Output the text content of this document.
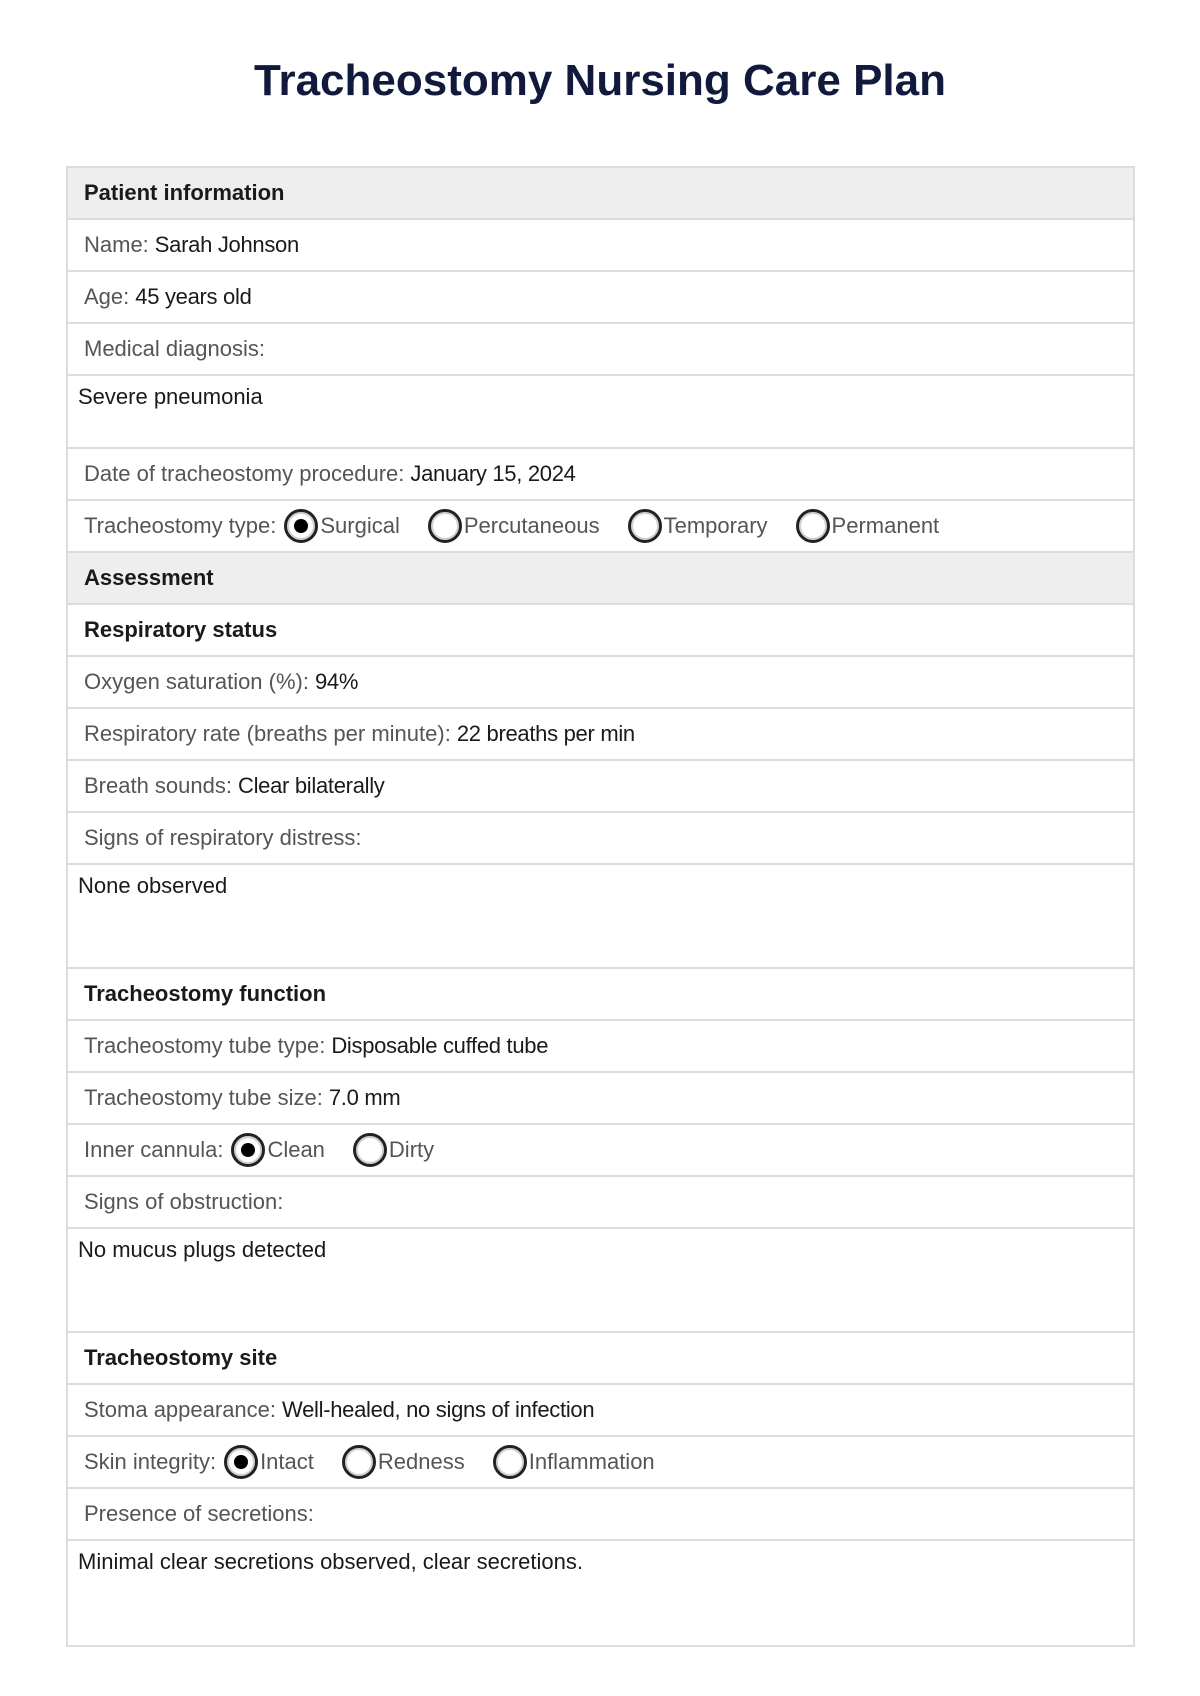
Tracheostomy Nursing Care Plan
Patient information
Name: Sarah Johnson
Age: 45 years old
Medical diagnosis:
Severe pneumonia
Date of tracheostomy procedure: January 15, 2024
Tracheostomy type: Surgical	Percutaneous	Temporary	Permanent
Assessment
Respiratory status
Oxygen saturation (%): 94%
Respiratory rate (breaths per minute): 22 breaths per min
Breath sounds: Clear bilaterally
Signs of respiratory distress:
None observed
Tracheostomy function
Tracheostomy tube type: Disposable cuffed tube
Tracheostomy tube size: 7.0 mm
Inner cannula: Clean	Dirty
Signs of obstruction:
No mucus plugs detected
Tracheostomy site
Stoma appearance: Well-healed, no signs of infection
Skin integrity: Intact	Redness	Inflammation
Presence of secretions:
Minimal clear secretions observed, clear secretions.
